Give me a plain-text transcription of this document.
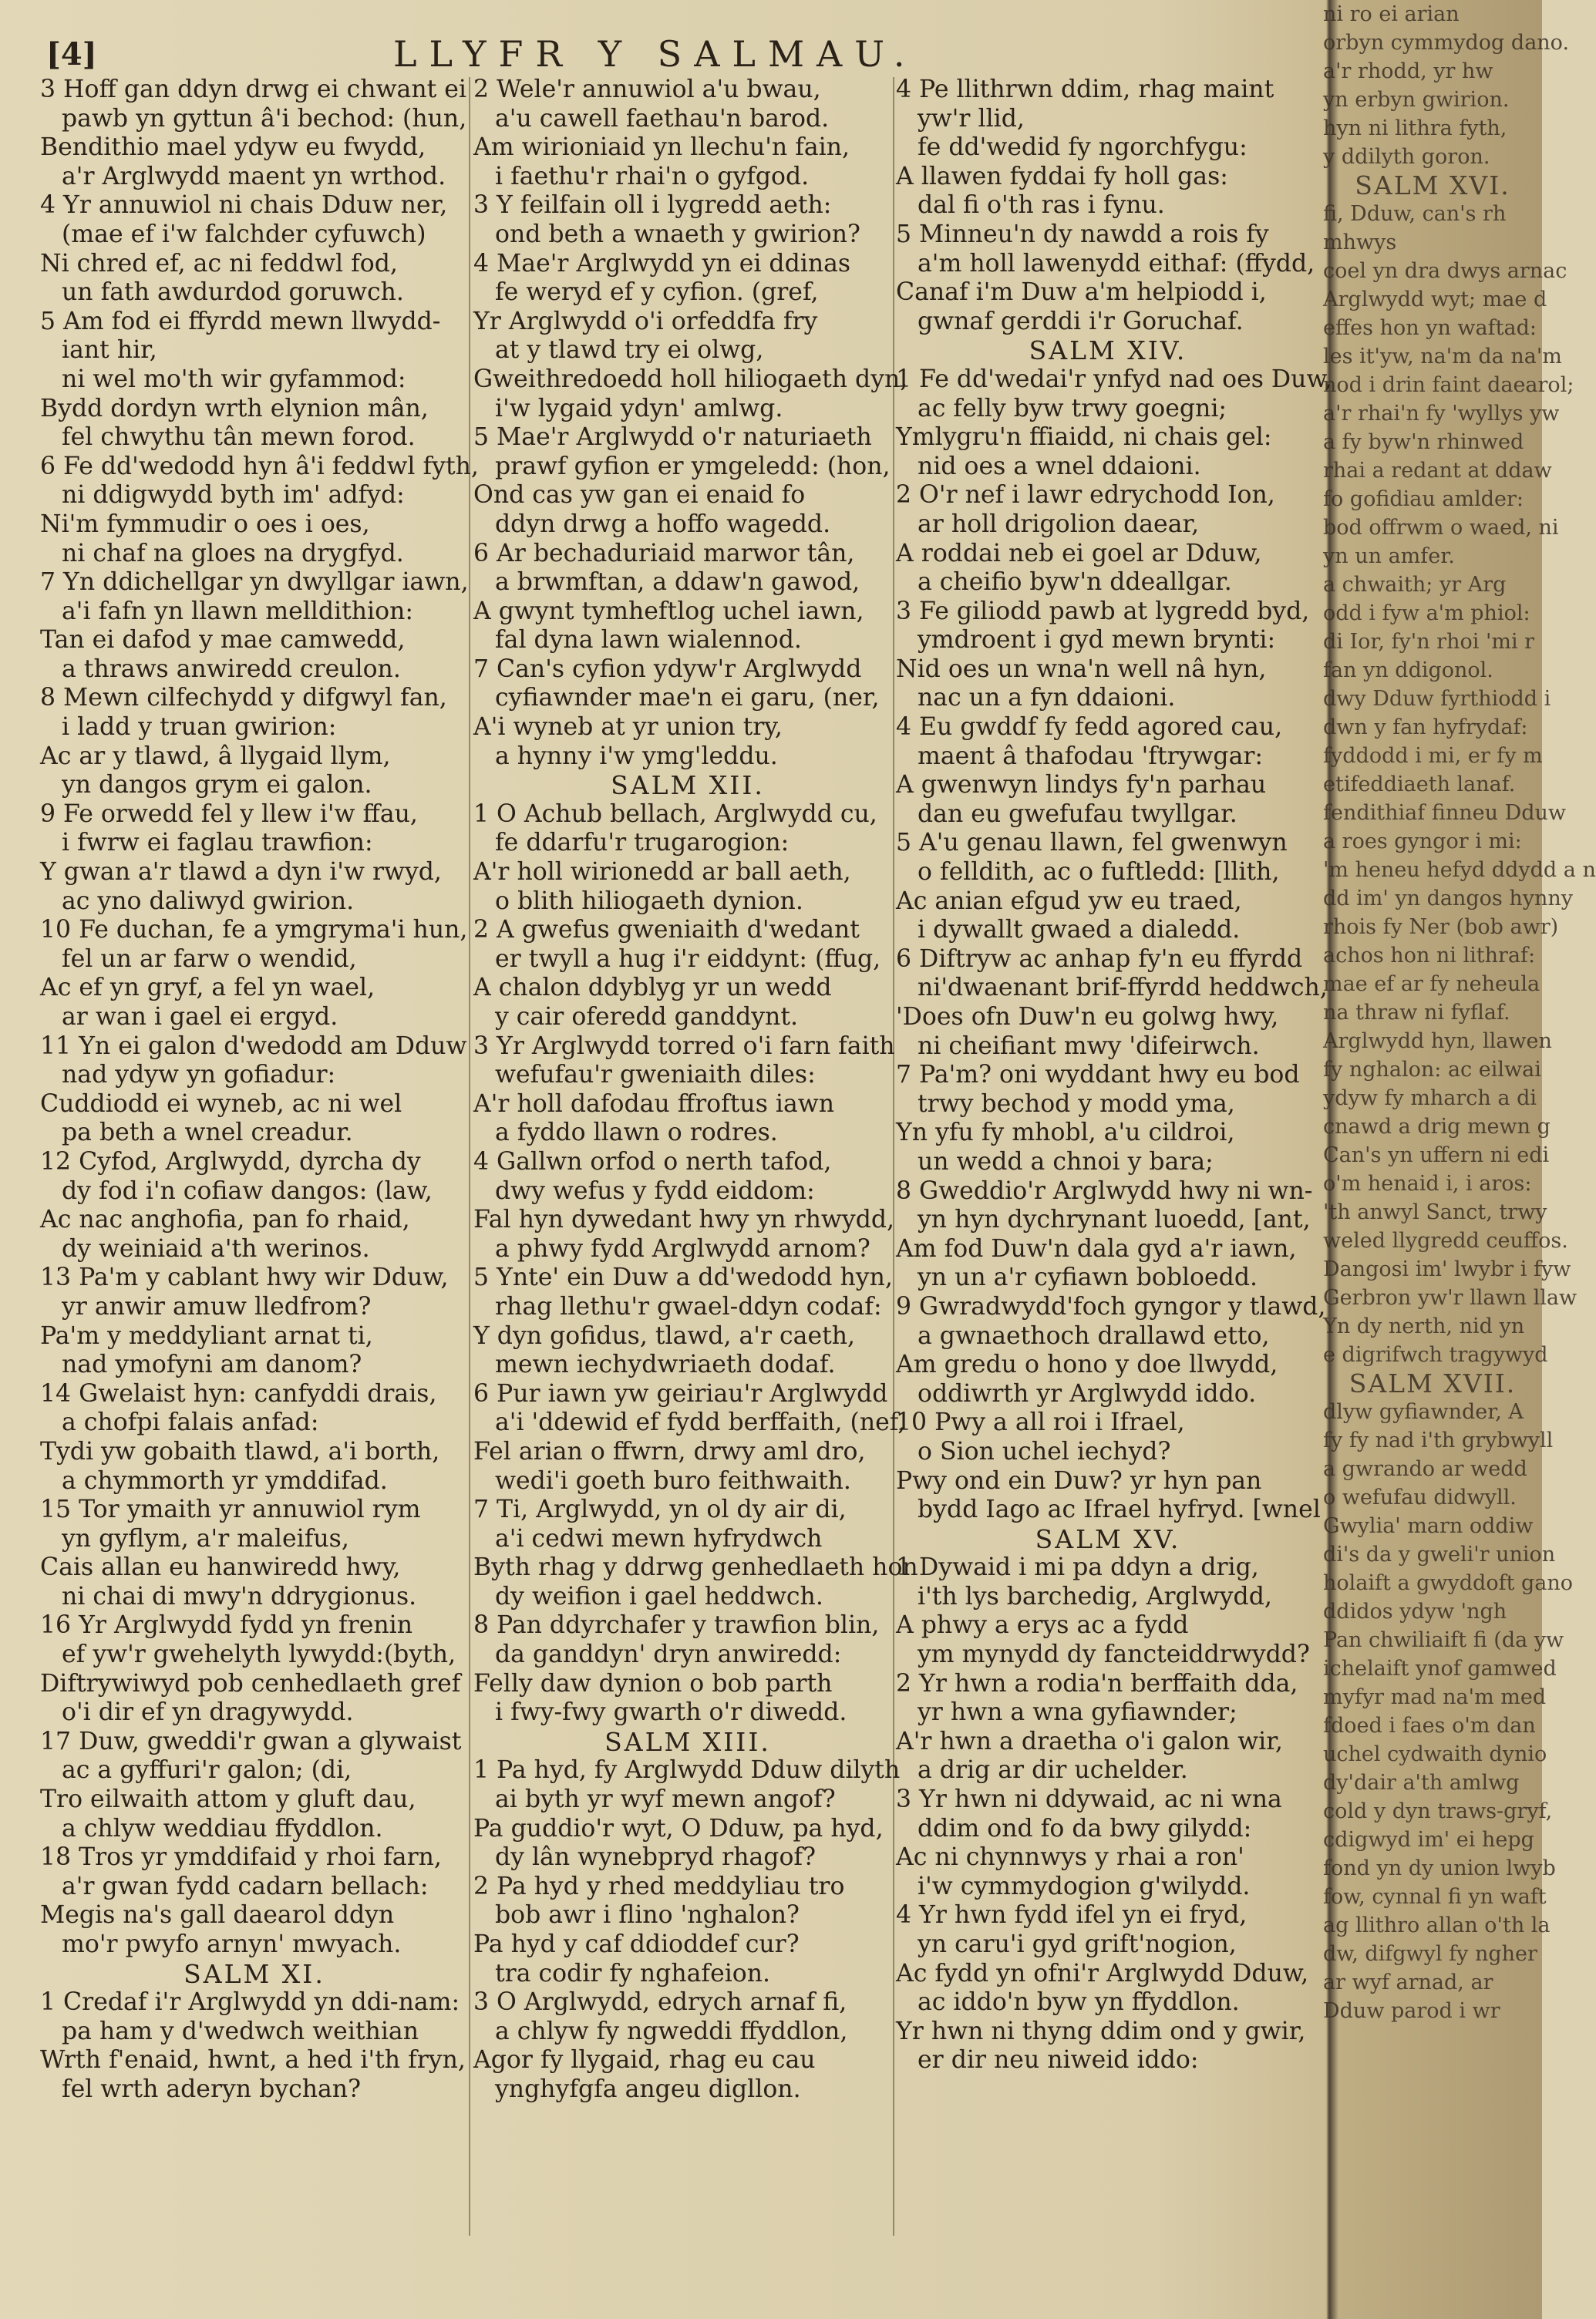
[4]	LLYFR Y SALMAU.
3 Hoff gan ddyn drwg ei chwant ei
pawb yn gyttun â'i bechod: (hun,
Bendithio mael ydyw eu fwydd,
a'r Arglwydd maent yn wrthod.
4 Yr annuwiol ni chais Dduw ner,
(mae ef i'w falchder cyfuwch)
Ni chred ef, ac ni feddwl fod,
un fath awdurdod goruwch.
5 Am fod ei ffyrdd mewn llwydd-
iant hir,
ni wel mo'th wir gyfammod:
Bydd dordyn wrth elynion mân,
fel chwythu tân mewn forod.
6 Fe dd'wedodd hyn â'i feddwl fyth,
ni ddigwydd byth im' adfyd:
Ni'm fymmudir o oes i oes,
ni chaf na gloes na drygfyd.
7 Yn ddichellgar yn dwyllgar iawn,
a'i fafn yn llawn melldithion:
Tan ei dafod y mae camwedd,
a thraws anwiredd creulon.
8 Mewn cilfechydd y difgwyl fan,
i ladd y truan gwirion:
Ac ar y tlawd, â llygaid llym,
yn dangos grym ei galon.
9 Fe orwedd fel y llew i'w ffau,
i fwrw ei faglau trawfion:
Y gwan a'r tlawd a dyn i'w rwyd,
ac yno daliwyd gwirion.
10 Fe duchan, fe a ymgryma'i hun,
fel un ar farw o wendid,
Ac ef yn gryf, a fel yn wael,
ar wan i gael ei ergyd.
11 Yn ei galon d'wedodd am Dduw
nad ydyw yn gofiadur:
Cuddiodd ei wyneb, ac ni wel
pa beth a wnel creadur.
12 Cyfod, Arglwydd, dyrcha dy
dy fod i'n cofiaw dangos: (law,
Ac nac anghofia, pan fo rhaid,
dy weiniaid a'th werinos.
13 Pa'm y cablant hwy wir Dduw,
yr anwir amuw lledfrom?
Pa'm y meddyliant arnat ti,
nad ymofyni am danom?
14 Gwelaist hyn: canfyddi drais,
a chofpi falais anfad:
Tydi yw gobaith tlawd, a'i borth,
a chymmorth yr ymddifad.
15 Tor ymaith yr annuwiol rym
yn gyflym, a'r maleifus,
Cais allan eu hanwiredd hwy,
ni chai di mwy'n ddrygionus.
16 Yr Arglwydd fydd yn frenin
ef yw'r gwehelyth lywydd:(byth,
Diftrywiwyd pob cenhedlaeth gref
o'i dir ef yn dragywydd.
17 Duw, gweddi'r gwan a glywaist
ac a gyffuri'r galon; (di,
Tro eilwaith attom y gluft dau,
a chlyw weddiau ffyddlon.
18 Tros yr ymddifaid y rhoi farn,
a'r gwan fydd cadarn bellach:
Megis na's gall daearol ddyn
mo'r pwyfo arnyn' mwyach.
SALM XI.
1 Credaf i'r Arglwydd yn ddi-nam:
pa ham y d'wedwch weithian
Wrth f'enaid, hwnt, a hed i'th fryn,
fel wrth aderyn bychan?
2 Wele'r annuwiol a'u bwau,
a'u cawell faethau'n barod.
Am wirioniaid yn llechu'n fain,
i faethu'r rhai'n o gyfgod.
3 Y feilfain oll i lygredd aeth:
ond beth a wnaeth y gwirion?
4 Mae'r Arglwydd yn ei ddinas
fe weryd ef y cyfion. (gref,
Yr Arglwydd o'i orfeddfa fry
at y tlawd try ei olwg,
Gweithredoedd holl hiliogaeth dyn,
i'w lygaid ydyn' amlwg.
5 Mae'r Arglwydd o'r naturiaeth
prawf gyfion er ymgeledd: (hon,
Ond cas yw gan ei enaid fo
ddyn drwg a hoffo wagedd.
6 Ar bechaduriaid marwor tân,
a brwmftan, a ddaw'n gawod,
A gwynt tymheftlog uchel iawn,
fal dyna lawn wialennod.
7 Can's cyfion ydyw'r Arglwydd
cyfiawnder mae'n ei garu, (ner,
A'i wyneb at yr union try,
a hynny i'w ymg'leddu.
SALM XII.
1 O Achub bellach, Arglwydd cu,
fe ddarfu'r trugarogion:
A'r holl wirionedd ar ball aeth,
o blith hiliogaeth dynion.
2 A gwefus gweniaith d'wedant
er twyll a hug i'r eiddynt: (ffug,
A chalon ddyblyg yr un wedd
y cair oferedd ganddynt.
3 Yr Arglwydd torred o'i farn faith
wefufau'r gweniaith diles:
A'r holl dafodau ffroftus iawn
a fyddo llawn o rodres.
4 Gallwn orfod o nerth tafod,
dwy wefus y fydd eiddom:
Fal hyn dywedant hwy yn rhwydd,
a phwy fydd Arglwydd arnom?
5 Ynte' ein Duw a dd'wedodd hyn,
rhag llethu'r gwael-ddyn codaf:
Y dyn gofidus, tlawd, a'r caeth,
mewn iechydwriaeth dodaf.
6 Pur iawn yw geiriau'r Arglwydd
a'i 'ddewid ef fydd berffaith, (nef,
Fel arian o ffwrn, drwy aml dro,
wedi'i goeth buro feithwaith.
7 Ti, Arglwydd, yn ol dy air di,
a'i cedwi mewn hyfrydwch
Byth rhag y ddrwg genhedlaeth hon
dy weifion i gael heddwch.
8 Pan ddyrchafer y trawfion blin,
da ganddyn' dryn anwiredd:
Felly daw dynion o bob parth
i fwy-fwy gwarth o'r diwedd.
SALM XIII.
1 Pa hyd, fy Arglwydd Dduw dilyth
ai byth yr wyf mewn angof?
Pa guddio'r wyt, O Dduw, pa hyd,
dy lân wynebpryd rhagof?
2 Pa hyd y rhed meddyliau tro
bob awr i flino 'nghalon?
Pa hyd y caf ddioddef cur?
tra codir fy nghafeion.
3 O Arglwydd, edrych arnaf fi,
a chlyw fy ngweddi ffyddlon,
Agor fy llygaid, rhag eu cau
ynghyfgfa angeu digllon.
4 Pe llithrwn ddim, rhag maint
yw'r llid,
fe dd'wedid fy ngorchfygu:
A llawen fyddai fy holl gas:
dal fi o'th ras i fynu.
5 Minneu'n dy nawdd a rois fy
a'm holl lawenydd eithaf: (ffydd,
Canaf i'm Duw a'm helpiodd i,
gwnaf gerddi i'r Goruchaf.
SALM XIV.
1 Fe dd'wedai'r ynfyd nad oes Duw,
ac felly byw trwy goegni;
Ymlygru'n ffiaidd, ni chais gel:
nid oes a wnel ddaioni.
2 O'r nef i lawr edrychodd Ion,
ar holl drigolion daear,
A roddai neb ei goel ar Dduw,
a cheifio byw'n ddeallgar.
3 Fe giliodd pawb at lygredd byd,
ymdroent i gyd mewn brynti:
Nid oes un wna'n well nâ hyn,
nac un a fyn ddaioni.
4 Eu gwddf fy fedd agored cau,
maent â thafodau 'ftrywgar:
A gwenwyn lindys fy'n parhau
dan eu gwefufau twyllgar.
5 A'u genau llawn, fel gwenwyn
o felldith, ac o fuftledd: [llith,
Ac anian efgud yw eu traed,
i dywallt gwaed a dialedd.
6 Diftryw ac anhap fy'n eu ffyrdd
ni'dwaenant brif-ffyrdd heddwch,
'Does ofn Duw'n eu golwg hwy,
ni cheifiant mwy 'difeirwch.
7 Pa'm? oni wyddant hwy eu bod
trwy bechod y modd yma,
Yn yfu fy mhobl, a'u cildroi,
un wedd a chnoi y bara;
8 Gweddio'r Arglwydd hwy ni wn-
yn hyn dychrynant luoedd, [ant,
Am fod Duw'n dala gyd a'r iawn,
yn un a'r cyfiawn bobloedd.
9 Gwradwydd'foch gyngor y tlawd,
a gwnaethoch drallawd etto,
Am gredu o hono y doe llwydd,
oddiwrth yr Arglwydd iddo.
10 Pwy a all roi i Ifrael,
o Sion uchel iechyd?
Pwy ond ein Duw? yr hyn pan
bydd Iago ac Ifrael hyfryd. [wnel
SALM XV.
1 Dywaid i mi pa ddyn a drig,
i'th lys barchedig, Arglwydd,
A phwy a erys ac a fydd
ym mynydd dy fancteiddrwydd?
2 Yr hwn a rodia'n berffaith dda,
yr hwn a wna gyfiawnder;
A'r hwn a draetha o'i galon wir,
a drig ar dir uchelder.
3 Yr hwn ni ddywaid, ac ni wna
ddim ond fo da bwy gilydd:
Ac ni chynnwys y rhai a ron'
i'w cymmydogion g'wilydd.
4 Yr hwn fydd ifel yn ei fryd,
yn caru'i gyd grift'nogion,
Ac fydd yn ofni'r Arglwydd Dduw,
ac iddo'n byw yn ffyddlon.
Yr hwn ni thyng ddim ond y gwir,
er dir neu niweid iddo:
ni ro ei arian
orbyn cymmydog dano.
a'r rhodd, yr hw
yn erbyn gwirion.
hyn ni lithra fyth,
y ddilyth goron.
SALM XVI.
fi, Dduw, can's rh
mhwys
coel yn dra dwys arnac
Arglwydd wyt; mae d
effes hon yn waftad:
les it'yw, na'm da na'm
nod i drin faint daearol;
a'r rhai'n fy 'wyllys yw
a fy byw'n rhinwed
rhai a redant at ddaw
fo gofidiau amlder:
bod offrwm o waed, ni
yn un amfer.
a chwaith; yr Arg
odd i fyw a'm phiol:
di Ior, fy'n rhoi 'mi r
fan yn ddigonol.
dwy Dduw fyrthiodd i
dwn y fan hyfrydaf:
fyddodd i mi, er fy m
etifeddiaeth lanaf.
fendithiaf finneu Dduw
a roes gyngor i mi:
'm heneu hefyd ddydd a n
dd im' yn dangos hynny
rhois fy Ner (bob awr)
achos hon ni lithraf:
mae ef ar fy neheula
na thraw ni fyflaf.
Arglwydd hyn, llawen
fy nghalon: ac eilwai
ydyw fy mharch a di
cnawd a drig mewn g
Can's yn uffern ni edi
o'm henaid i, i aros:
'th anwyl Sanct, trwy
weled llygredd ceuffos.
Dangosi im' lwybr i fyw
Gerbron yw'r llawn llaw
Yn dy nerth, nid yn
e digrifwch tragywyd
SALM XVII.
dlyw gyfiawnder, A
fy fy nad i'th grybwyll
a gwrando ar wedd
o wefufau didwyll.
Gwylia' marn oddiw
di's da y gweli'r union
holaift a gwyddoft gano
ddidos ydyw 'ngh
Pan chwiliaift fi (da yw
ichelaift ynof gamwed
myfyr mad na'm med
fdoed i faes o'm dan
uchel cydwaith dynio
dy'dair a'th amlwg
cold y dyn traws-gryf,
cdigwyd im' ei hepg
fond yn dy union lwyb
fow, cynnal fi yn waft
ag llithro allan o'th la
dw, difgwyl fy ngher
ar wyf arnad, ar
Dduw parod i wr
